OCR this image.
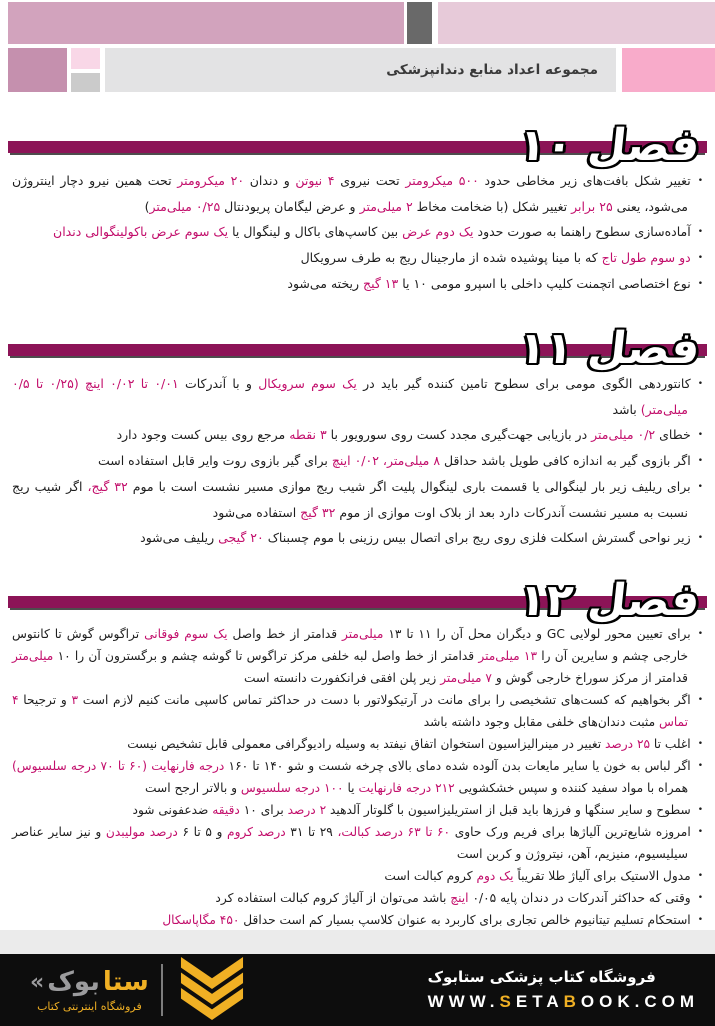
مجموعه اعداد منابع دندانپزشکی
فصل ۱۰
•تغییر شکل بافت‌های زیر مخاطی حدود ۵۰۰ میکرومتر تحت نیروی ۴ نیوتن و دندان ۲۰ میکرومتر تحت همین نیرو دچار اینتروژن می‌شود، یعنی ۲۵ برابر تغییر شکل (با ضخامت مخاط ۲ میلی‌متر و عرض لیگامان پریودنتال ۰/۲۵ میلی‌متر)
•آماده‌سازی سطوح راهنما به صورت حدود یک دوم عرض بین کاسپ‌های باکال و لینگوال یا یک سوم عرض باکولینگوالی دندان
•دو سوم طول تاج که با مینا پوشیده شده از مارجینال ریج به طرف سرویکال
•نوع اختصاصی اتچمنت کلیپ داخلی با اسپرو مومی ۱۰ یا ۱۳ گیج ریخته می‌شود
فصل ۱۱
•کانتوردهی الگوی مومی برای سطوح تامین کننده گیر باید در یک سوم سرویکال و با آندرکات ۰/۰۱ تا ۰/۰۲ اینچ (۰/۲۵ تا ۰/۵ میلی‌متر) باشد
•خطای ۰/۲ میلی‌متر در بازیابی جهت‌گیری مجدد کست روی سورویور با ۳ نقطه مرجع روی بیس کست وجود دارد
•اگر بازوی گیر به اندازه کافی طویل باشد حداقل ۸ میلی‌متر، ۰/۰۲ اینچ برای گیر بازوی روت وایر قابل استفاده است
•برای ریلیف زیر بار لینگوالی یا قسمت باری لینگوال پلیت اگر شیب ریج موازی مسیر نشست است با موم ۳۲ گیج، اگر شیب ریج نسبت به مسیر نشست آندرکات دارد بعد از بلاک اوت موازی از موم ۳۲ گیج استفاده می‌شود
•زیر نواحی گسترش اسکلت فلزی روی ریج برای اتصال بیس رزینی با موم چسبناک ۲۰ گیجی ریلیف می‌شود
فصل ۱۲
•برای تعیین محور لولایی GC و دیگران محل آن را ۱۱ تا ۱۳ میلی‌متر قدامتر از خط واصل یک سوم فوقانی تراگوس گوش تا کانتوس خارجی چشم و سایرین آن را ۱۳ میلی‌متر قدامتر از خط واصل لبه خلفی مرکز تراگوس تا گوشه چشم و برگسترون آن را ۱۰ میلی‌متر قدامتر از مرکز سوراخ خارجی گوش و ۷ میلی‌متر زیر پلن افقی فرانکفورت دانسته است
•اگر بخواهیم که کست‌های تشخیصی را برای مانت در آرتیکولاتور با دست در حداکثر تماس کاسپی مانت کنیم لازم است ۳ و ترجیحا ۴ تماس مثبت دندان‌های خلفی مقابل وجود داشته باشد
•اغلب تا ۲۵ درصد تغییر در مینرالیزاسیون استخوان اتفاق نیفتد به وسیله رادیوگرافی معمولی قابل تشخیص نیست
•اگر لباس به خون یا سایر مایعات بدن آلوده شده دمای بالای چرخه شست و شو ۱۴۰ تا ۱۶۰ درجه فارنهایت (۶۰ تا ۷۰ درجه سلسیوس) همراه با مواد سفید کننده و سپس خشکشویی ۲۱۲ درجه فارنهایت یا ۱۰۰ درجه سلسیوس و بالاتر ارجح است
•سطوح و سایر سنگها و فرزها باید قبل از استریلیزاسیون با گلوتار آلدهید ۲ درصد برای ۱۰ دقیقه ضدعفونی شود
•امروزه شایع‌ترین آلیاژها برای فریم ورک حاوی ۶۰ تا ۶۳ درصد کبالت، ۲۹ تا ۳۱ درصد کروم و ۵ تا ۶ درصد مولیبدن و نیز سایر عناصر سیلیسیوم، منیزیم، آهن، نیتروژن و کربن است
•مدول الاستیک برای آلیاژ طلا تقریباً یک دوم کروم کبالت است
•وقتی که حداکثر آندرکات در دندان پایه ۰/۰۵ اینچ باشد می‌توان از آلیاژ کروم کبالت استفاده کرد
•استحکام تسلیم تیتانیوم خالص تجاری برای کاربرد به عنوان کلاسپ بسیار کم است حداقل ۴۵۰ مگاپاسکال
« بوک ستا
فروشگاه اینترنتی کتاب
فروشگاه کتاب پزشکی ستابوک
WWW.SETABOOK.COM
